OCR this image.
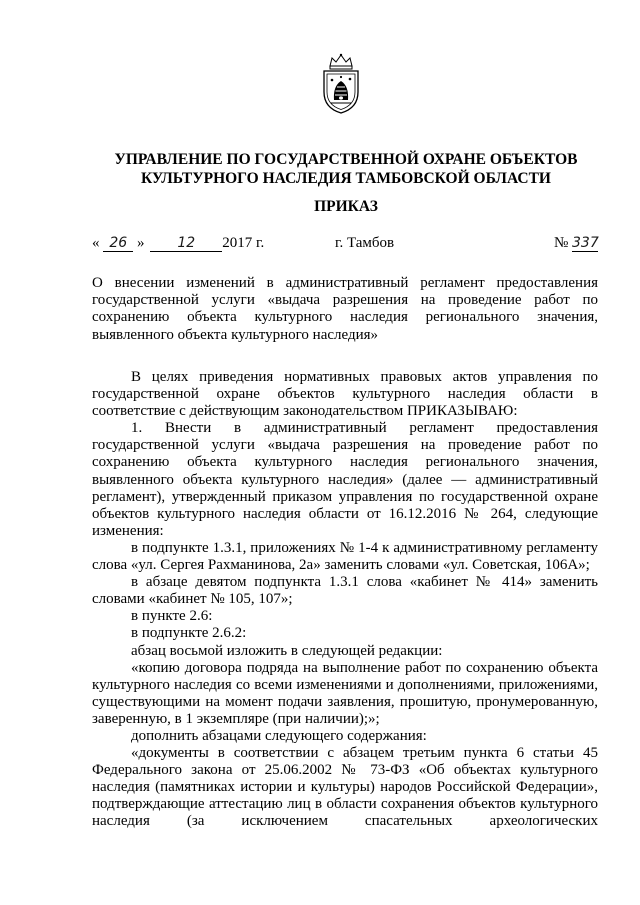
УПРАВЛЕНИЕ ПО ГОСУДАРСТВЕННОЙ ОХРАНЕ ОБЪЕКТОВ
КУЛЬТУРНОГО НАСЛЕДИЯ ТАМБОВСКОЙ ОБЛАСТИ
ПРИКАЗ
« 26 » 12 2017 г.	г. Тамбов	№ 337
О внесении изменений в административный регламент предоставления государственной услуги «выдача разрешения на проведение работ по сохранению объекта культурного наследия регионального значения, выявленного объекта культурного наследия»

В целях приведения нормативных правовых актов управления по государственной охране объектов культурного наследия области в соответствие с действующим законодательством ПРИКАЗЫВАЮ:

1. Внести в административный регламент предоставления государственной услуги «выдача разрешения на проведение работ по сохранению объекта культурного наследия регионального значения, выявленного объекта культурного наследия» (далее — административный регламент), утвержденный приказом управления по государственной охране объектов культурного наследия области от 16.12.2016 № 264, следующие изменения:

в подпункте 1.3.1, приложениях № 1-4 к административному регламенту слова «ул. Сергея Рахманинова, 2а» заменить словами «ул. Советская, 106А»;

в абзаце девятом подпункта 1.3.1 слова «кабинет № 414» заменить словами «кабинет № 105, 107»;

в пункте 2.6:

в подпункте 2.6.2:

абзац восьмой изложить в следующей редакции:

«копию договора подряда на выполнение работ по сохранению объекта культурного наследия со всеми изменениями и дополнениями, приложениями, существующими на момент подачи заявления, прошитую, пронумерованную, заверенную, в 1 экземпляре (при наличии);»;

дополнить абзацами следующего содержания:

«документы в соответствии с абзацем третьим пункта 6 статьи 45 Федерального закона от 25.06.2002 № 73-ФЗ «Об объектах культурного наследия (памятниках истории и культуры) народов Российской Федерации», подтверждающие аттестацию лиц в области сохранения объектов культурного наследия (за исключением спасательных археологических
